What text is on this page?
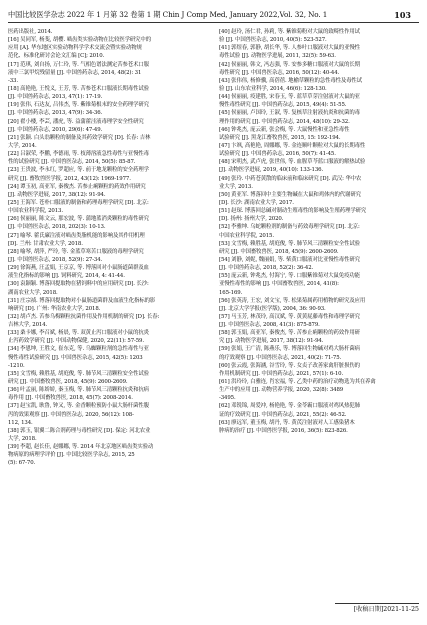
中国比较医学杂志 2022 年 1 月第 32 卷第 1 期 Chin J Comp Med, January 2022,Vol. 32, No. 1	103
医药出版社, 2014.
[16] 吴同军, 杨斐, 胡樱. 啮齿类实验动物在比较医学研究中的
应用 [A]. 华东地区实验动物科学学术交流会暨实验动物规
范化、标准化研讨会论文汇编 [C]; 2010.
[17] 范琪, 刘自扬, 万仁玲, 等. 气相色谱法测定苦参苍术口服
液中三氯甲烷残留量 [J]. 中国兽药杂志, 2014, 48(2): 31
-33.
[18] 高艳艳, 王悦义, 王芳, 等. 苦参苍术口服液长期毒性试验
[J]. 中国兽药杂志, 2013, 47(1): 17-19.
[19] 张伟, 石达友, 吕伟杰, 等. 紫锥菊根末的安全药理学研究
[J]. 中国兽药杂志, 2013, 47(9): 34-36.
[20] 翟小楼, 李芸, 潘虎, 等. 益蒲藿洼液毒理学安全性研究
[J]. 中国兽药杂志, 2010, 29(6): 47-49.
[21] 张颖. 白头翁颗粒的制备及其药效学研究 [D]. 长春: 吉林
大学, 2014.
[22] 吕淑荣, 李鹏, 李德雨, 等. 枝薄溶液急性毒性与亚慢性毒
性的试验研究 [J]. 中国兽医杂志, 2014, 50(5): 85-87.
[23] 王贵波, 李永红, 罗超应, 等. 前于地龙颗粒的安全药理学
研究 [J]. 畜牧兽医学报, 2012, 43(12): 1969-1977.
[24] 谭玉初, 高亚军, 秦俊杰. 苦参止痢颗粒的药效作用研究
[J]. 动物医学进展, 2017, 38(12): 91-94.
[25] 王海军. 苍朴口服液的制备和药理毒理学研究 [D]. 北京:
中国农业科学院, 2013.
[26] 侯丽丽, 陈文云, 那宏波, 等. 蒲地蓝消炎颗粒的毒性研究
[J]. 中国兽医杂志, 2018, 202(3): 10-13.
[27] 喻琴. 藿氏廉注液对啮齿类脂机能的影响及其作用机理
[D]. 兰州: 甘肃农业大学, 2018.
[28] 喻琴, 胡萍, 严玲, 等. 金蓝草寒苦口服液的毒理学研究
[J]. 中国兽医杂志, 2018, 52(9): 27-34.
[29] 徐海燕, 汪孟娟, 王京京, 等. 博落回对小鼠肠道菌群及血
液生化指标的影响 [J]. 饲料研究, 2014, 4: 41-44.
[30] 袁颖颖. 博落回提取物在猪饲料中的应用研究 [D]. 长沙:
湖南农业大学, 2018.
[31] 庄宗祯. 博落回提取物对小鼠肠道菌群及血液生化指标的影
响研究 [D]. 广州: 华南农业大学, 2018.
[32] 胡卢杰. 苦参乌梅颗粒抗菌作用及作用机制的研究 [D]. 长春:
吉林大学, 2014.
[33] 桑卡娜, 李召斌, 杨晨, 等. 双黄止泻口服液对小鼠的抗炎
止泻药效学研究 [J]. 中国动物保健, 2020, 22(11): 57-59.
[34] 李恩坤, 王胜文, 崔东克, 等. 乌蜘颗粒剂的急性毒性与亚
慢性毒性试验研究 [J]. 中国兽医杂志, 2015, 42(5): 1203
-1210.
[35] 文雪梅, 赖胜基, 胡庭俊, 等. 肺节风三清颗粒安全性试验
研究 [J]. 中国畜牧兽医, 2018, 45(9): 2600-2609.
[36] 叶孟丽, 陈娇娇, 秦玉梅, 等. 肺节风三清颗粒抗炎和抗病
毒作用 [J]. 中国畜牧兽医, 2018, 45(7): 2008-2014.
[37] 赵宝凯, 耿鲁, 钟又, 等. 金香颗粒预防小鼠大肠杆菌性腹
泻的效果观察 [J]. 中国兽医杂志, 2020, 56(12): 108-
112, 134.
[38] 郭玉, 银翼二陈合剂药理与毒性研究 [D]. 保定: 河北农业
大学, 2018.
[39] 李超, 赵长佳, 赵娜娜, 等. 2014 年北京地区啮齿类实验动
物病原的病理学评价 [J]. 中国比较医学杂志, 2015, 25
(5): 67-70.
[40] 赵玲, 汤仁君, 孙莉, 等. 紫锥菊粉对大鼠的致畸性作用试
验 [J]. 中国兽医杂志, 2010, 40(5): 523-527.
[41] 郭煜春, 郭静, 胡长华, 等. 人参叶口服液对大鼠的亚慢性
毒性试验 [J]. 动物医学进展, 2011, 32(5): 59-63.
[42] 侯丽丽, 韩文, 冯志强, 等. 安参多糖口服液对大鼠的长期
毒性研究 [J]. 中国兽医杂志, 2016, 50(12): 40-44.
[43] 张伟伟, 杨修骥, 高蓓蓓. 地榆草颗粒的急性毒性及毒性试
验 [J]. 山东农业科学, 2014, 46(6): 128-130.
[44] 侯丽丽, 疫建胜, 宋春玉, 等. 蓝草草芽注射液对大鼠的亚
慢性毒性研究 [J]. 中国兽药杂志, 2015, 49(4): 51-55.
[45] 侯丽丽, 卢国玲, 王淑, 等. 复核草注射液抗炎和抗菌的毒
理作用的研究 [J]. 中国兽药杂志, 2014, 48(10): 29-32.
[46] 钟兆杰, 庞云新, 张会梅, 等. 大鼠慢性和亚急性毒性
试验研究 [J]. 黑龙江畜牧兽医, 2015, 15: 192-194.
[47] 卞飒, 高艳艳, 周娜娜, 等. 金连顺叶颗粒对大鼠的长期毒性
试验研究 [J]. 中国兽药杂志, 2016, 50(7): 41-45.
[48] 宋明杰, 武卢虎, 张世伟, 等. 血腥草芩蓝口服液的解热试验
[J]. 动物医学进展, 2019, 40(10): 133-136.
[49] 张玲. 中药苍黄散的临床前和临床研究 [D]. 武汉: 华中农
业大学, 2013.
[50] 黄亚军. 博落回中主要生物碱在大鼠和鸡体内的代谢研究
[D]. 长沙: 湖南农业大学, 2017.
[51] 赵琛. 博落回总碱对制动生殖毒性的影响及生殖药理学研究
[D]. 扬州: 扬州大学, 2020.
[52] 李雅坤. 乌蛇颗粒剂的制备与药效毒理学研究 [D]. 北京:
中国农业科学院, 2015.
[53] 文雪梅, 赖胜基, 胡庭俊, 等. 肺节风三清颗粒安全性试验
研究 [J]. 中国畜牧兽医, 2018, 45(9): 2600-2609.
[54] 刘静, 刘妮, 魏丽娟, 等. 柴黄口服液对比亚慢性毒性研究
[J]. 中国兽药杂志, 2018, 52(2): 36-42.
[55] 庞云新, 钟兆杰, 付海宁, 等. 口服紫锥菊对大鼠免疫功能
亚慢性毒性的影响 [J]. 中国畜牧兽医, 2014, 41(8):
165-169.
[56] 张英涛, 王宏, 刘文宝, 等. 松果菊属药用植物的研究及应用
[J]. 北京大学学报(医学版), 2004, 36: 90-93.
[57] 马玉芳, 林茂玲, 高汉斌, 等. 黄黄屁藤毒性和毒理学研究
[J]. 中国兽医杂志, 2008, 41(3): 875-879.
[58] 郭玉娟, 高亚军, 秦俊杰, 等. 苦参止痢颗粒的药效作用研
究 [J]. 动物医学进展, 2017, 38(12): 91-94.
[59] 张娟, 王广清, 陈燕乐, 等. 博落回生物碱对鸡大肠杆菌病
的疗效观察 [J]. 中国兽医杂志, 2021, 40(2): 71-75.
[60] 张云霞, 张海涵, 谷雪玲, 等. 女贞子改善家禽肝脏损伤的
作用机制研究 [J]. 中国兽药杂志, 2021, 57(1): 6-10.
[61] 洪玲玲, 白雅连, 肖宏福, 等. 乙类中药的治疗动物选为其在养禽
生产中的应用 [J]. 动物营养学报, 2020, 32(8): 3489
-3495.
[62] 邓锐锦, 周爱冲, 杨艳艳, 等. 金苓霸口服液对鸡风热犯肺
证的疗效研究 [J]. 中国兽药杂志, 2021, 55(2): 46-52.
[63] 廖远军, 董玉梅, 胡丹, 等. 黄芪注射液对人工感染猪木
肿病的治疗 [J]. 中国兽医学报, 2016, 36(5): 823-826.
[收稿日期]2021-11-25
